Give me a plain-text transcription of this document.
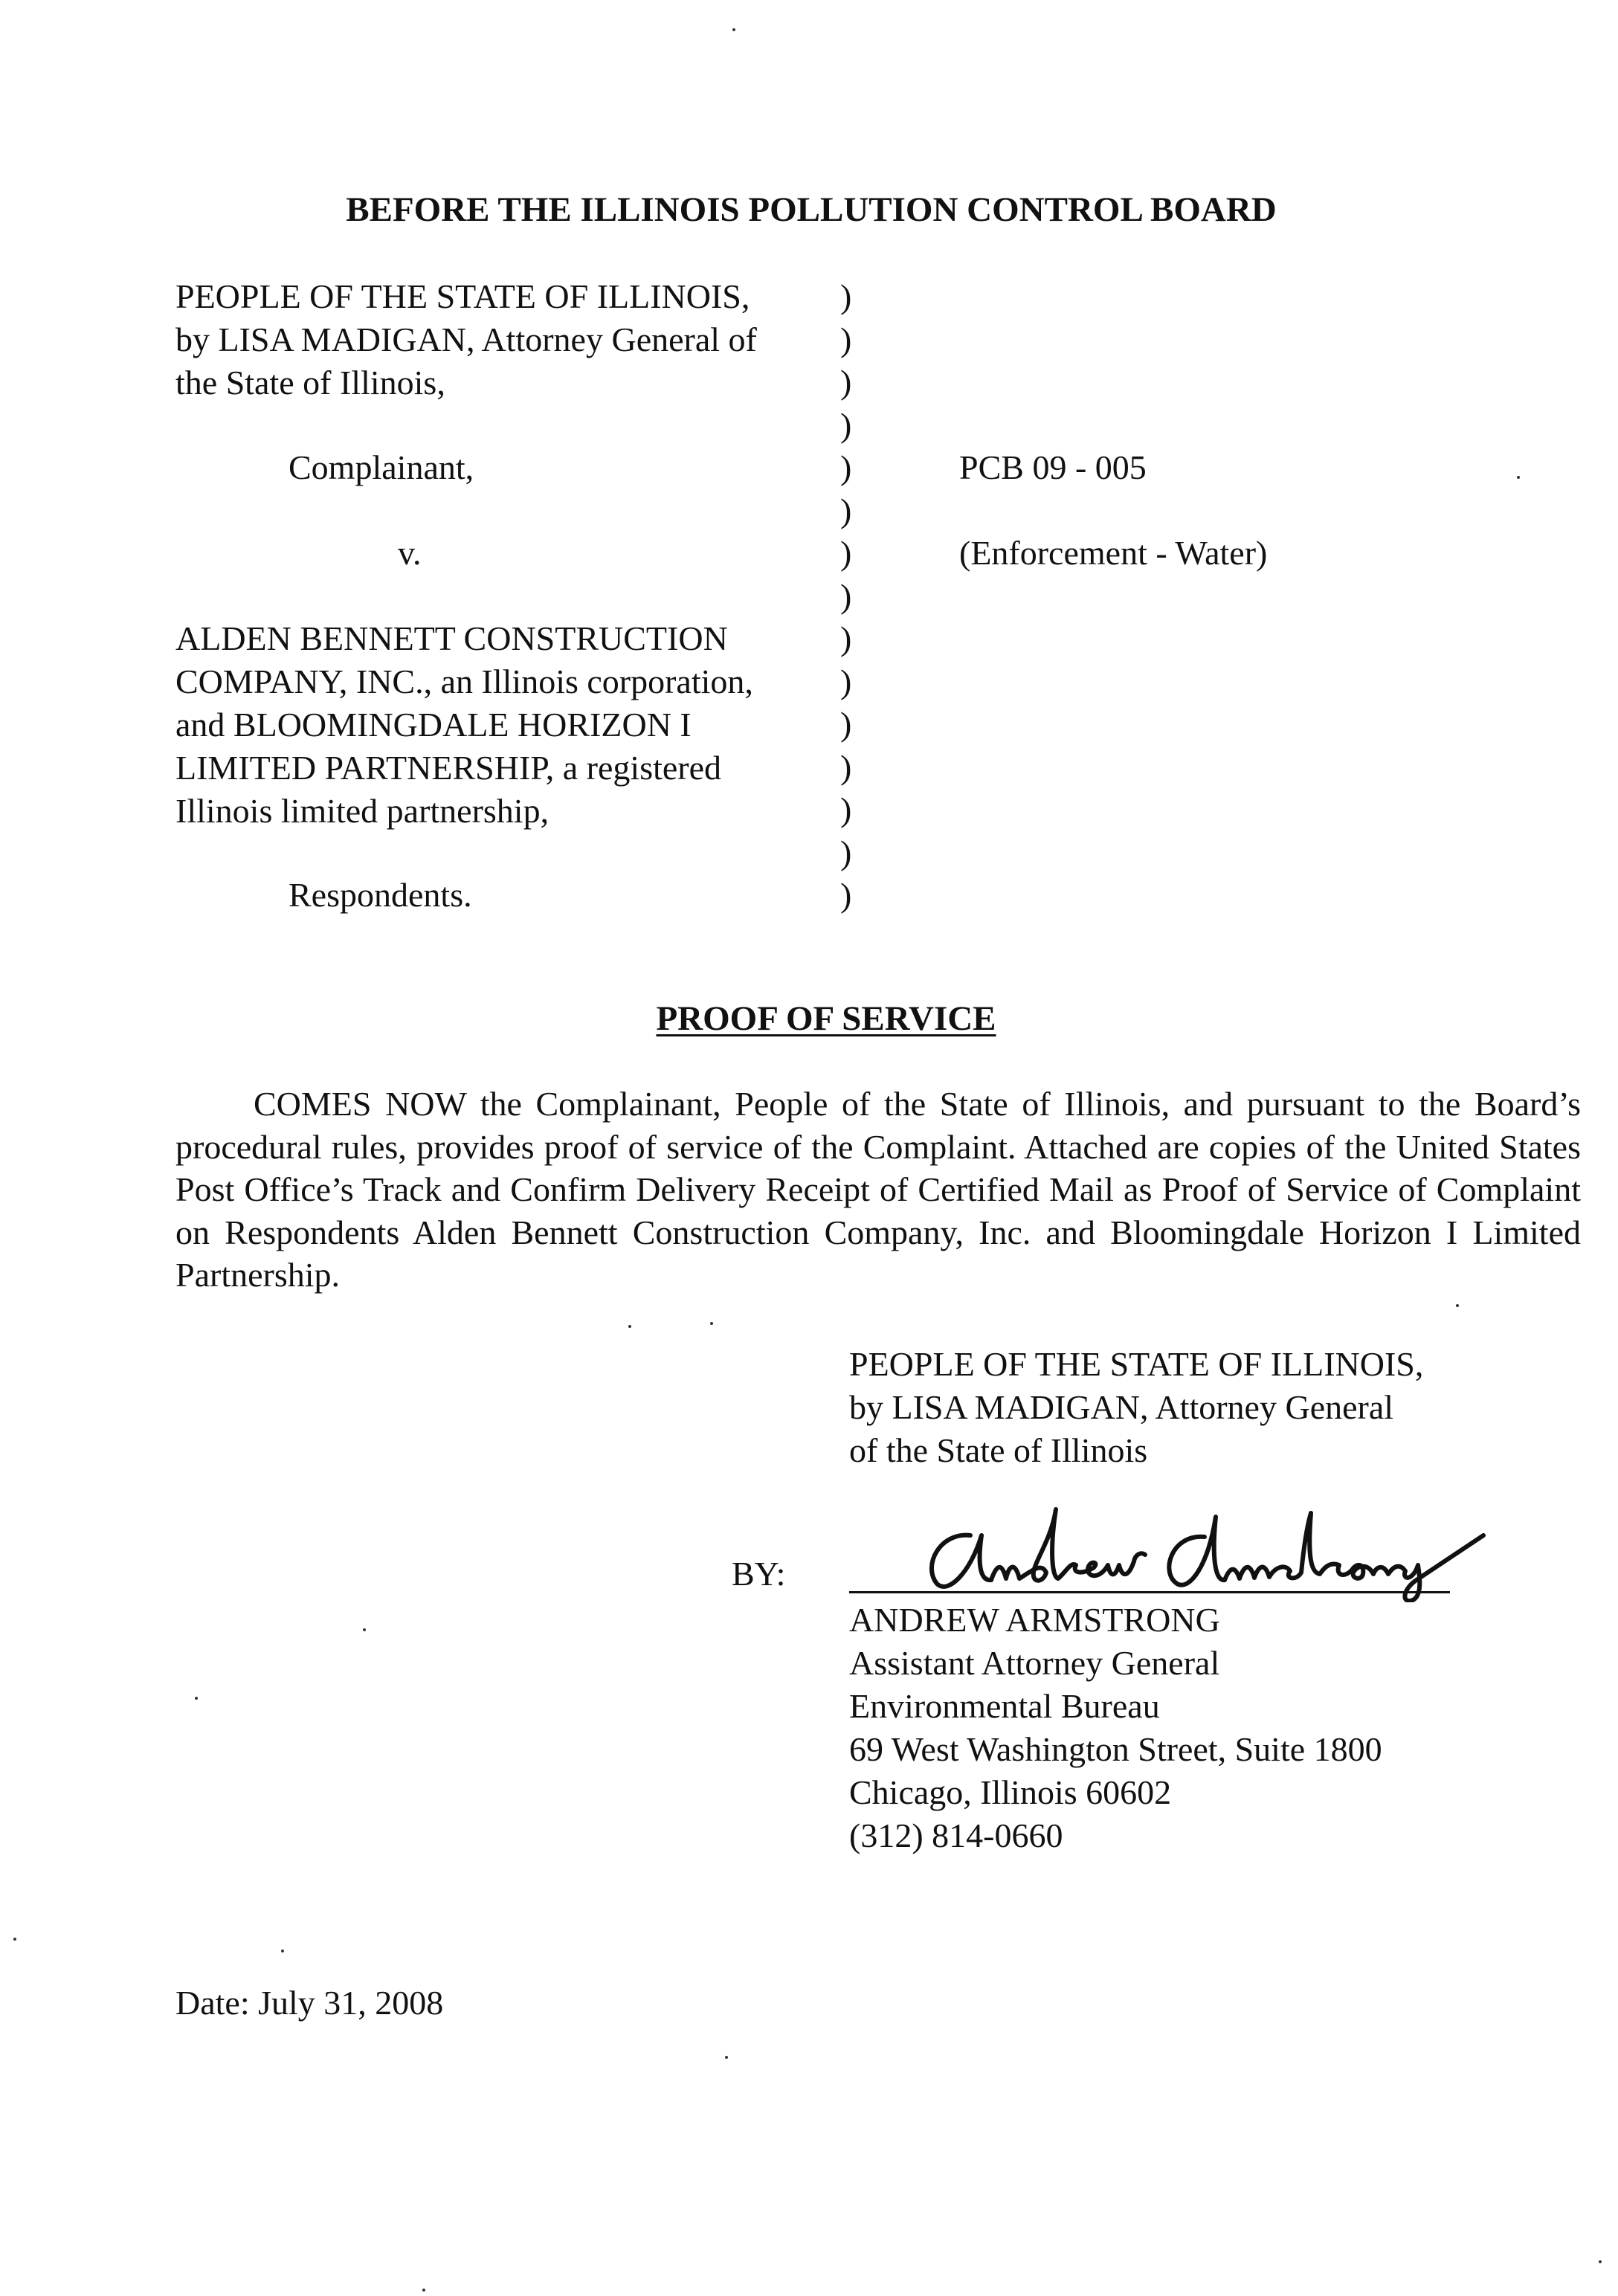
BEFORE THE ILLINOIS POLLUTION CONTROL BOARD
PEOPLE OF THE STATE OF ILLINOIS,
by LISA MADIGAN, Attorney General of
the State of Illinois,
Complainant,
v.
ALDEN BENNETT CONSTRUCTION
COMPANY, INC., an Illinois corporation,
and BLOOMINGDALE HORIZON I
LIMITED PARTNERSHIP, a registered
Illinois limited partnership,
Respondents.
)
)
)
)
)
)
)
)
)
)
)
)
)
)
)
PCB 09 - 005
(Enforcement - Water)
PROOF OF SERVICE

COMES NOW the Complainant, People of the State of Illinois, and pursuant to the Board’s procedural rules, provides proof of service of the Complaint. Attached are copies of the United States Post Office’s Track and Confirm Delivery Receipt of Certified Mail as Proof of Service of Complaint on Respondents Alden Bennett Construction Company, Inc. and Bloomingdale Horizon I Limited Partnership.

PEOPLE OF THE STATE OF ILLINOIS,
by LISA MADIGAN, Attorney General
of the State of Illinois
BY:
ANDREW ARMSTRONG
Assistant Attorney General
Environmental Bureau
69 West Washington Street, Suite 1800
Chicago, Illinois 60602
(312) 814-0660
Date: July 31, 2008
